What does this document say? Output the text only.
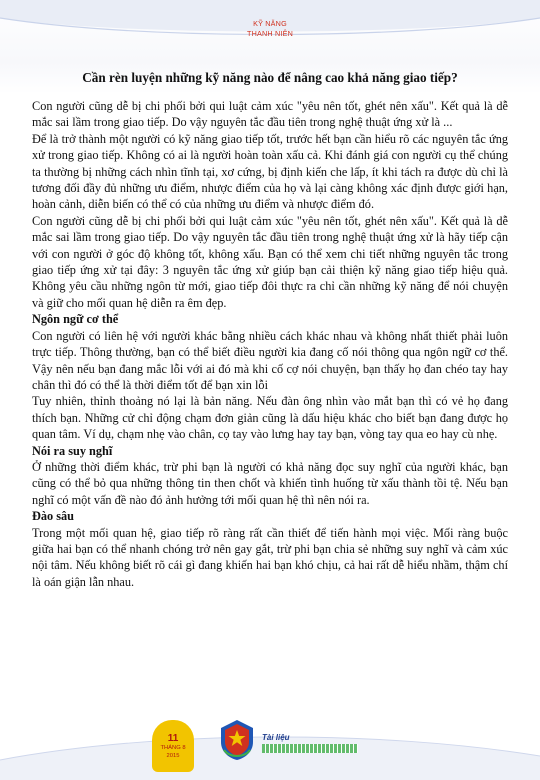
KỸ NĂNG
THANH NIÊN
Cần rèn luyện những kỹ năng nào để nâng cao khả năng giao tiếp?

Con người cũng dễ bị chi phối bởi qui luật cảm xúc "yêu nên tốt, ghét nên xấu". Kết quả là dễ mắc sai lầm trong giao tiếp. Do vậy nguyên tắc đầu tiên trong nghệ thuật ứng xử là ...

Để là trở thành một người có kỹ năng giao tiếp tốt, trước hết bạn cần hiểu rõ các nguyên tắc ứng xử trong giao tiếp. Không có ai là người hoàn toàn xấu cả. Khi đánh giá con người cụ thể chúng ta thường bị những cách nhìn tĩnh tại, xơ cứng, bị định kiến che lấp, ít khi tách ra được dù chỉ là tương đối đầy đủ những ưu điểm, nhược điểm của họ và lại càng không xác định được giới hạn, hoàn cảnh, diễn biến có thể có của những ưu điểm và nhược điểm đó.

Con người cũng dễ bị chi phối bởi qui luật cảm xúc "yêu nên tốt, ghét nên xấu". Kết quả là dễ mắc sai lầm trong giao tiếp. Do vậy nguyên tắc đầu tiên trong nghệ thuật ứng xử là hãy tiếp cận với con người ở góc độ không tốt, không xấu. Bạn có thể xem chi tiết những nguyên tắc trong giao tiếp ứng xử tại đây: 3 nguyên tắc ứng xử giúp bạn cải thiện kỹ năng giao tiếp hiệu quả. Không yêu cầu những ngôn từ mới, giao tiếp đôi thực ra chỉ cần những kỹ năng để nói chuyện và giữ cho mối quan hệ diễn ra êm đẹp.

Ngôn ngữ cơ thể

Con người có liên hệ với người khác bằng nhiều cách khác nhau và không nhất thiết phải luôn trực tiếp. Thông thường, bạn có thể biết điều người kia đang cố nói thông qua ngôn ngữ cơ thể. Vậy nên nếu bạn đang mắc lỗi với ai đó mà khi cố cợ nói chuyện, bạn thấy họ đan chéo tay hay chân thì đó có thể là thời điểm tốt để bạn xin lỗi

Tuy nhiên, thỉnh thoảng nó lại là bản năng. Nếu đàn ông nhìn vào mắt bạn thì có vẻ họ đang thích bạn. Những cử chỉ động chạm đơn giản cũng là dấu hiệu khác cho biết bạn đang được họ quan tâm. Ví dụ, chạm nhẹ vào chân, cọ tay vào lưng hay tay bạn, vòng tay qua eo hay cù nhẹ.

Nói ra suy nghĩ

Ở những thời điểm khác, trừ phi bạn là người có khả năng đọc suy nghĩ của người khác, bạn cũng có thể bỏ qua những thông tin then chốt và khiến tình huống từ xấu thành tồi tệ. Nếu bạn nghĩ có một vấn đề nào đó ảnh hưởng tới mối quan hệ thì nên nói ra.

Đào sâu

Trong một mối quan hệ, giao tiếp rõ ràng rất cần thiết để tiến hành mọi việc. Mối ràng buộc giữa hai bạn có thể nhanh chóng trở nên gay gắt, trừ phi bạn chia sẻ những suy nghĩ và cảm xúc nội tâm. Nếu không biết rõ cái gì đang khiến hai bạn khó chịu, cả hai rất dễ hiểu nhầm, thậm chí là oán giận lẫn nhau.

11
THÁNG 8
2015
Tài liệu
